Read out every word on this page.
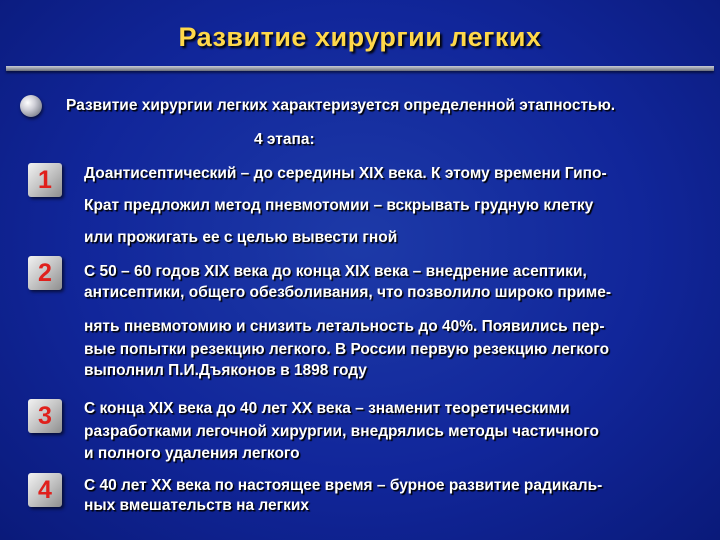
Развитие хирургии легких
Развитие хирургии легких характеризуется определенной этапностью.
4 этапа:
1	Доантисептический – до середины XIX века. К этому времени Гипо-
Крат предложил метод пневмотомии – вскрывать грудную клетку
или прожигать ее с целью вывести гной
2	С 50 – 60 годов XIX века до конца XIX века – внедрение асептики,
антисептики, общего обезболивания, что позволило широко приме-
нять пневмотомию и снизить летальность до 40%. Появились пер-
вые попытки резекцию легкого. В России первую резекцию легкого
выполнил П.И.Дъяконов в 1898 году
3	С конца XIX века до 40 лет XX века – знаменит теоретическими
разработками легочной хирургии, внедрялись методы частичного
и полного удаления легкого
4	С 40 лет XX века по настоящее время – бурное развитие радикаль-
ных вмешательств на легких
